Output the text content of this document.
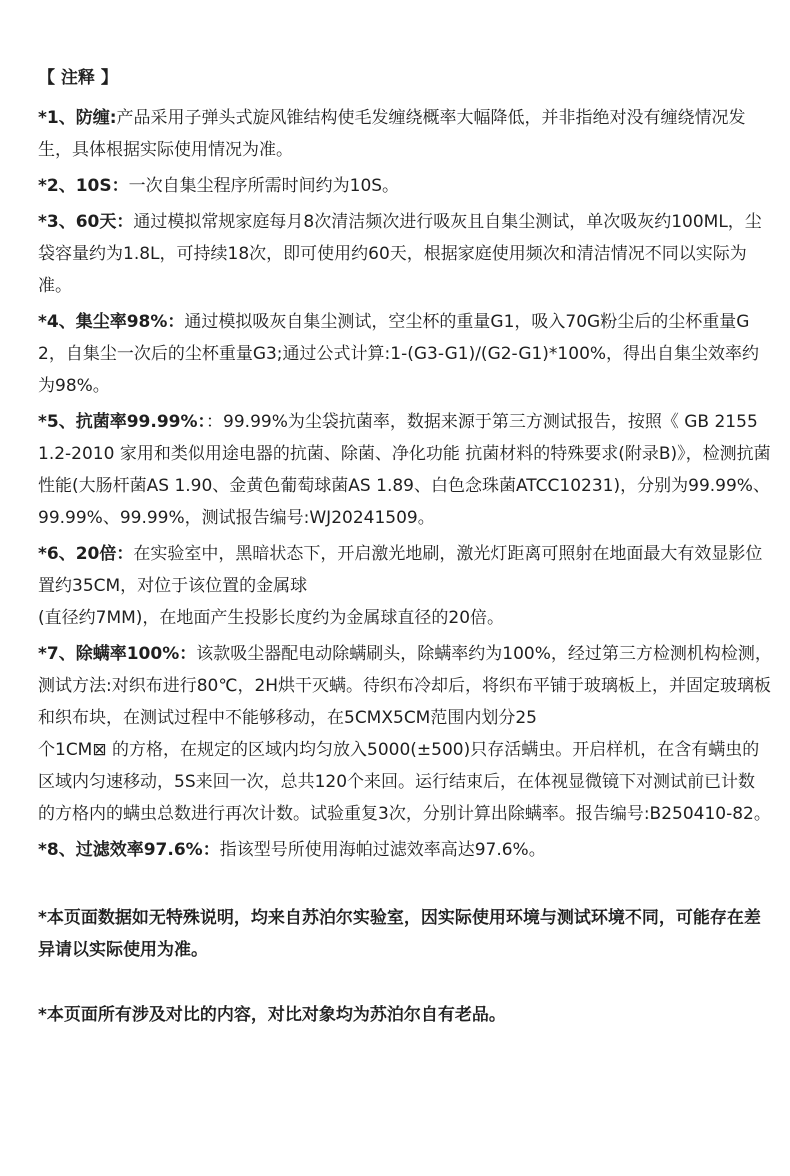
【 注释 】
*1、防缠:产品采用子弹头式旋风锥结构使毛发缠绕概率大幅降低，并非指绝对没有缠绕情况发生，具体根据实际使用情况为准。
*2、10S：一次自集尘程序所需时间约为10S。
*3、60天：通过模拟常规家庭每月8次清洁频次进行吸灰且自集尘测试，单次吸灰约100ML，尘袋容量约为1.8L，可持续18次，即可使用约60天，根据家庭使用频次和清洁情况不同以实际为准。
*4、集尘率98%：通过模拟吸灰自集尘测试，空尘杯的重量G1，吸入70G粉尘后的尘杯重量G2，自集尘一次后的尘杯重量G3;通过公式计算:1-(G3-G1)/(G2-G1)*100%，得出自集尘效率约为98%。
*5、抗菌率99.99%：：99.99%为尘袋抗菌率，数据来源于第三方测试报告，按照《 GB 21551.2-2010 家用和类似用途电器的抗菌、除菌、净化功能 抗菌材料的特殊要求(附录B)》，检测抗菌性能(大肠杆菌AS 1.90、金黄色葡萄球菌AS 1.89、白色念珠菌ATCC10231)，分别为99.99%、99.99%、99.99%，测试报告编号:WJ20241509。
*6、20倍：在实验室中，黑暗状态下，开启激光地刷，激光灯距离可照射在地面最大有效显影位置约35CM，对位于该位置的金属球
(直径约7MM)，在地面产生投影长度约为金属球直径的20倍。
*7、除螨率100%：该款吸尘器配电动除螨刷头，除螨率约为100%，经过第三方检测机构检测，测试方法:对织布进行80℃，2H烘干灭螨。待织布冷却后，将织布平铺于玻璃板上，并固定玻璃板和织布块，在测试过程中不能够移动，在5CMX5CM范围内划分25
个1CM⊠ 的方格，在规定的区域内均匀放入5000(±500)只存活螨虫。开启样机，在含有螨虫的区域内匀速移动，5S来回一次，总共120个来回。运行结束后，在体视显微镜下对测试前已计数的方格内的螨虫总数进行再次计数。试验重复3次，分别计算出除螨率。报告编号:B250410-82。
*8、过滤效率97.6%：指该型号所使用海帕过滤效率高达97.6%。
*本页面数据如无特殊说明，均来自苏泊尔实验室，因实际使用环境与测试环境不同，可能存在差异请以实际使用为准。
*本页面所有涉及对比的内容，对比对象均为苏泊尔自有老品。
